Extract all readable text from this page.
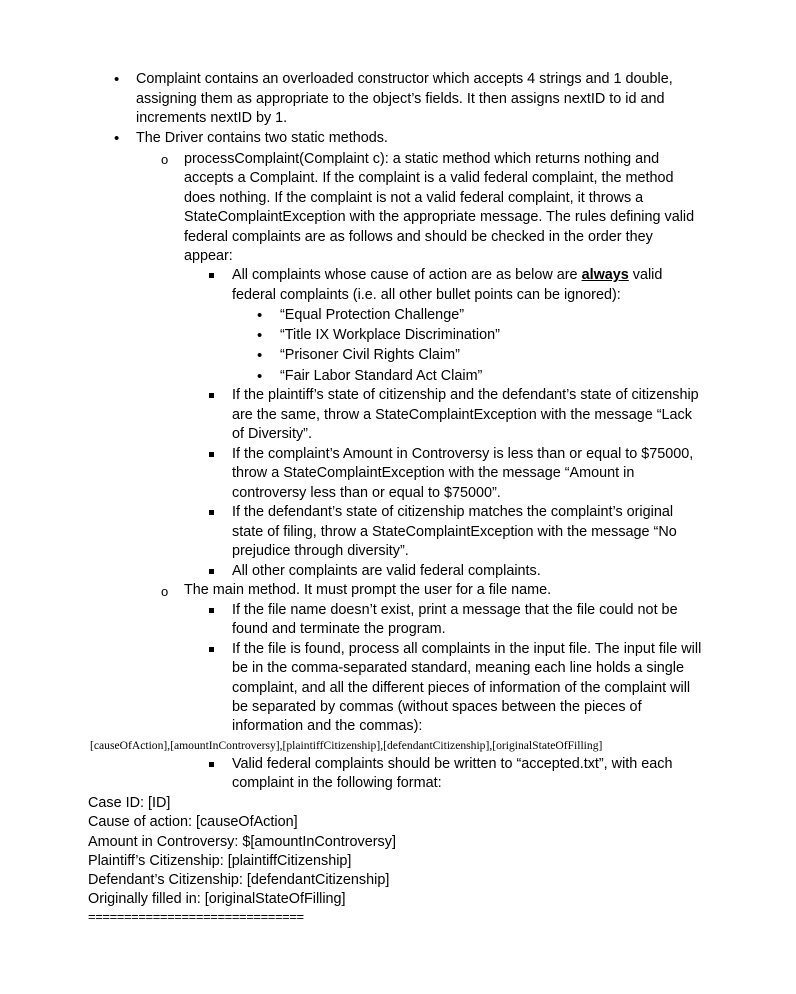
•
Complaint contains an overloaded constructor which accepts 4 strings and 1 double,
assigning them as appropriate to the object’s fields. It then assigns nextID to id and
increments nextID by 1.
•
The Driver contains two static methods.
o
processComplaint(Complaint c): a static method which returns nothing and
accepts a Complaint. If the complaint is a valid federal complaint, the method
does nothing. If the complaint is not a valid federal complaint, it throws a
StateComplaintException with the appropriate message. The rules defining valid
federal complaints are as follows and should be checked in the order they
appear:
All complaints whose cause of action are as below are always valid
federal complaints (i.e. all other bullet points can be ignored):
•
“Equal Protection Challenge”
•
“Title IX Workplace Discrimination”
•
“Prisoner Civil Rights Claim”
•
“Fair Labor Standard Act Claim”
If the plaintiff’s state of citizenship and the defendant’s state of citizenship
are the same, throw a StateComplaintException with the message “Lack
of Diversity”.
If the complaint’s Amount in Controversy is less than or equal to $75000,
throw a StateComplaintException with the message “Amount in
controversy less than or equal to $75000”.
If the defendant’s state of citizenship matches the complaint’s original
state of filing, throw a StateComplaintException with the message “No
prejudice through diversity”.
All other complaints are valid federal complaints.
o
The main method. It must prompt the user for a file name.
If the file name doesn’t exist, print a message that the file could not be
found and terminate the program.
If the file is found, process all complaints in the input file. The input file will
be in the comma-separated standard, meaning each line holds a single
complaint, and all the different pieces of information of the complaint will
be separated by commas (without spaces between the pieces of
information and the commas):
[causeOfAction],[amountInControversy],[plaintiffCitizenship],[defendantCitizenship],[originalStateOfFilling]
Valid federal complaints should be written to “accepted.txt”, with each
complaint in the following format:
Case ID: [ID]
Cause of action: [causeOfAction]
Amount in Controversy: $[amountInControversy]
Plaintiff’s Citizenship: [plaintiffCitizenship]
Defendant’s Citizenship: [defendantCitizenship]
Originally filled in: [originalStateOfFilling]
==============================
